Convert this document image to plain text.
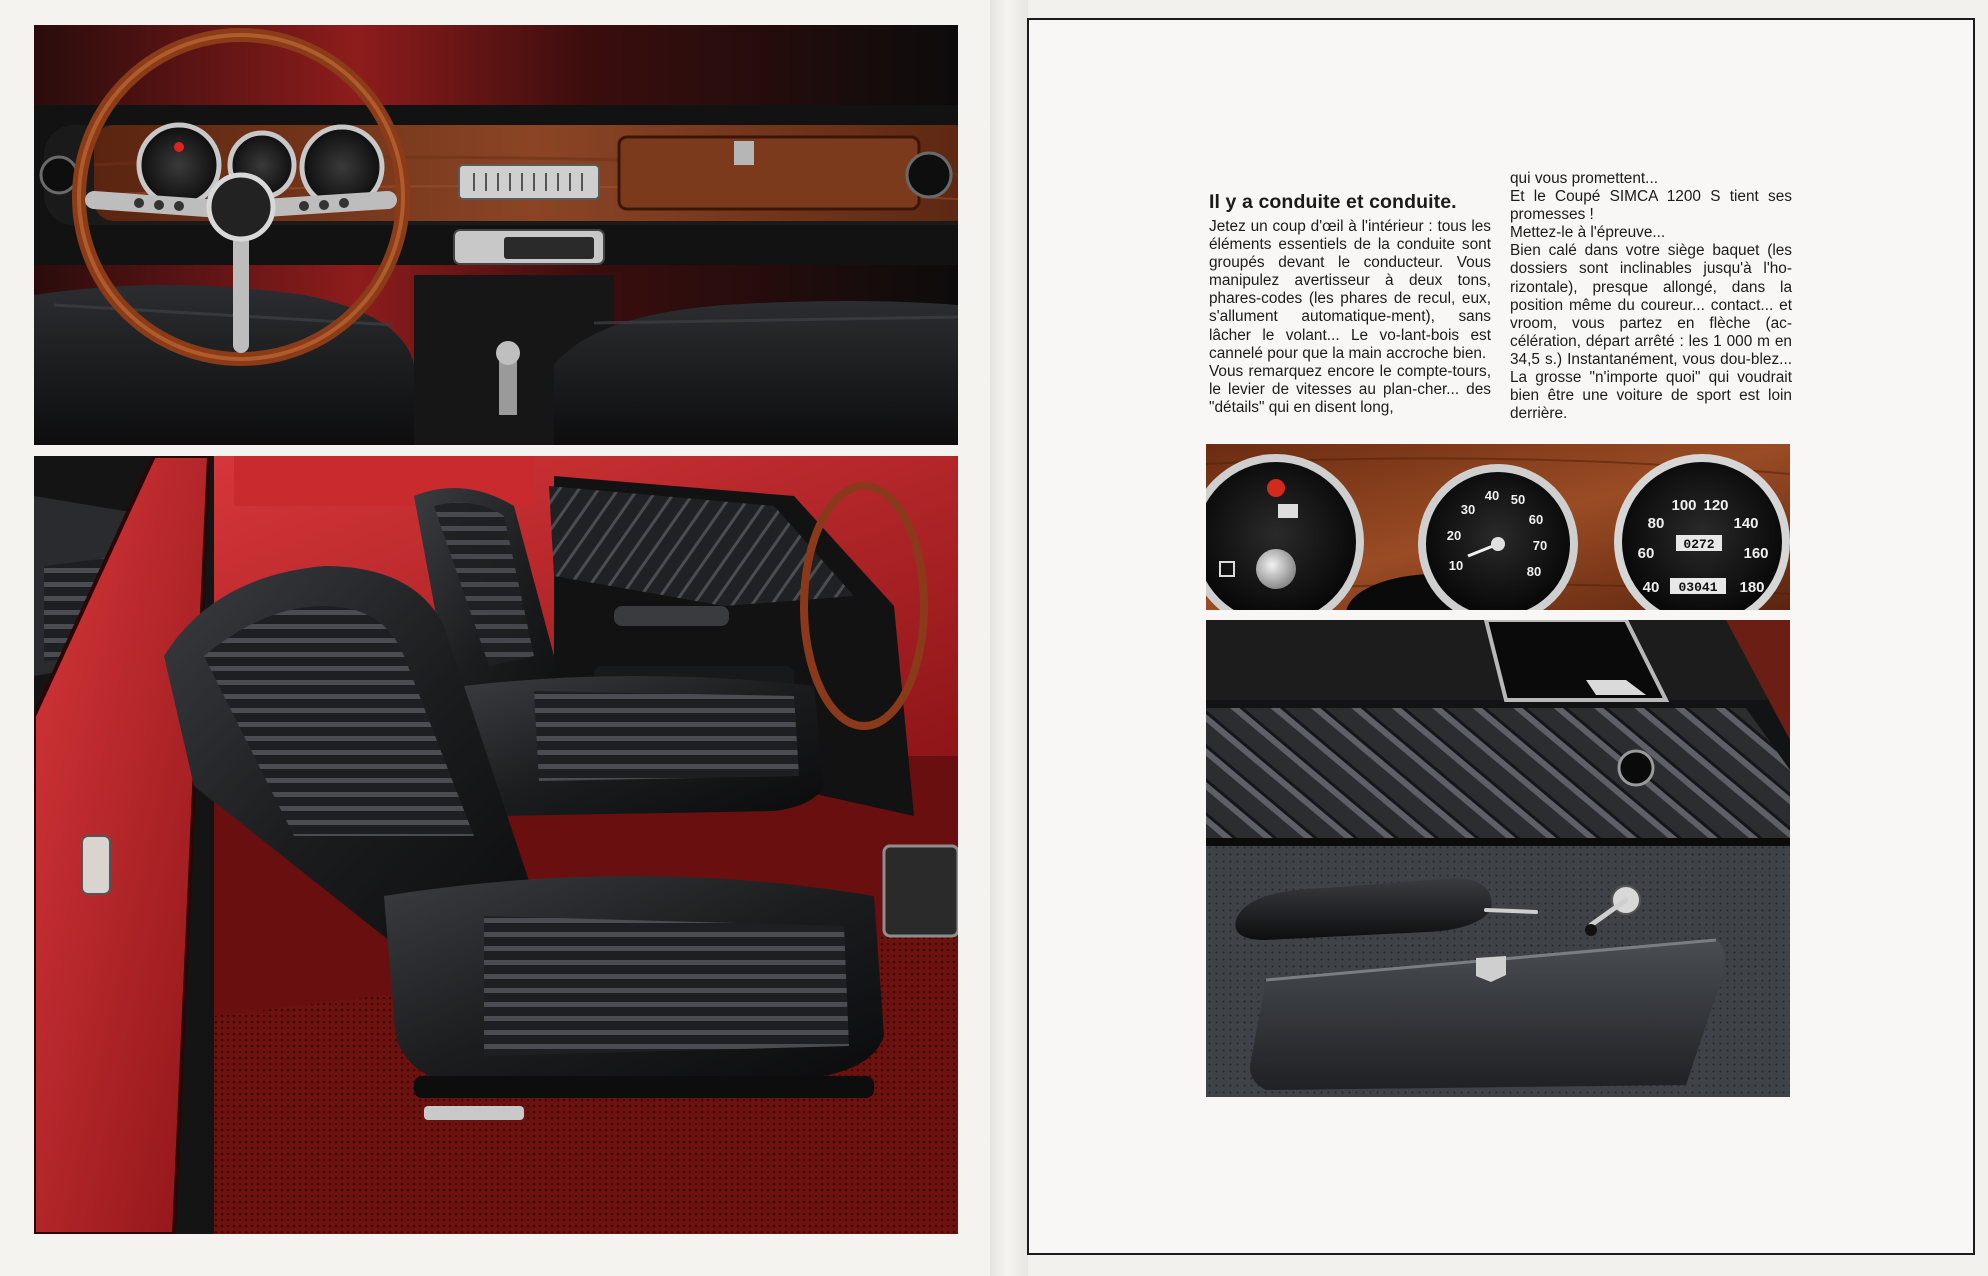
Il y a conduite et conduite.

Jetez un coup d'œil à l'intérieur : tous les éléments essentiels de la conduite sont groupés devant le conducteur. Vous manipulez avertisseur à deux tons, phares-codes (les phares de recul, eux, s'allument automatique-ment), sans lâcher le volant... Le vo-lant-bois est cannelé pour que la main accroche bien.

Vous remarquez encore le compte-tours, le levier de vitesses au plan-cher... des "détails" qui en disent long,

qui vous promettent...

Et le Coupé SIMCA 1200 S tient ses promesses !

Mettez-le à l'épreuve...

Bien calé dans votre siège baquet (les dossiers sont inclinables jusqu'à l'ho-rizontale), presque allongé, dans la position même du coureur... contact... et vroom, vous partez en flèche (ac-célération, départ arrêté : les 1 000 m en 34,5 s.) Instantanément, vous dou-blez... La grosse "n'importe quoi" qui voudrait bien être une voiture de sport est loin derrière.

10
20
30
40 50
60
70
80
40
60
80
100 120
140
160
180
0272
03041
